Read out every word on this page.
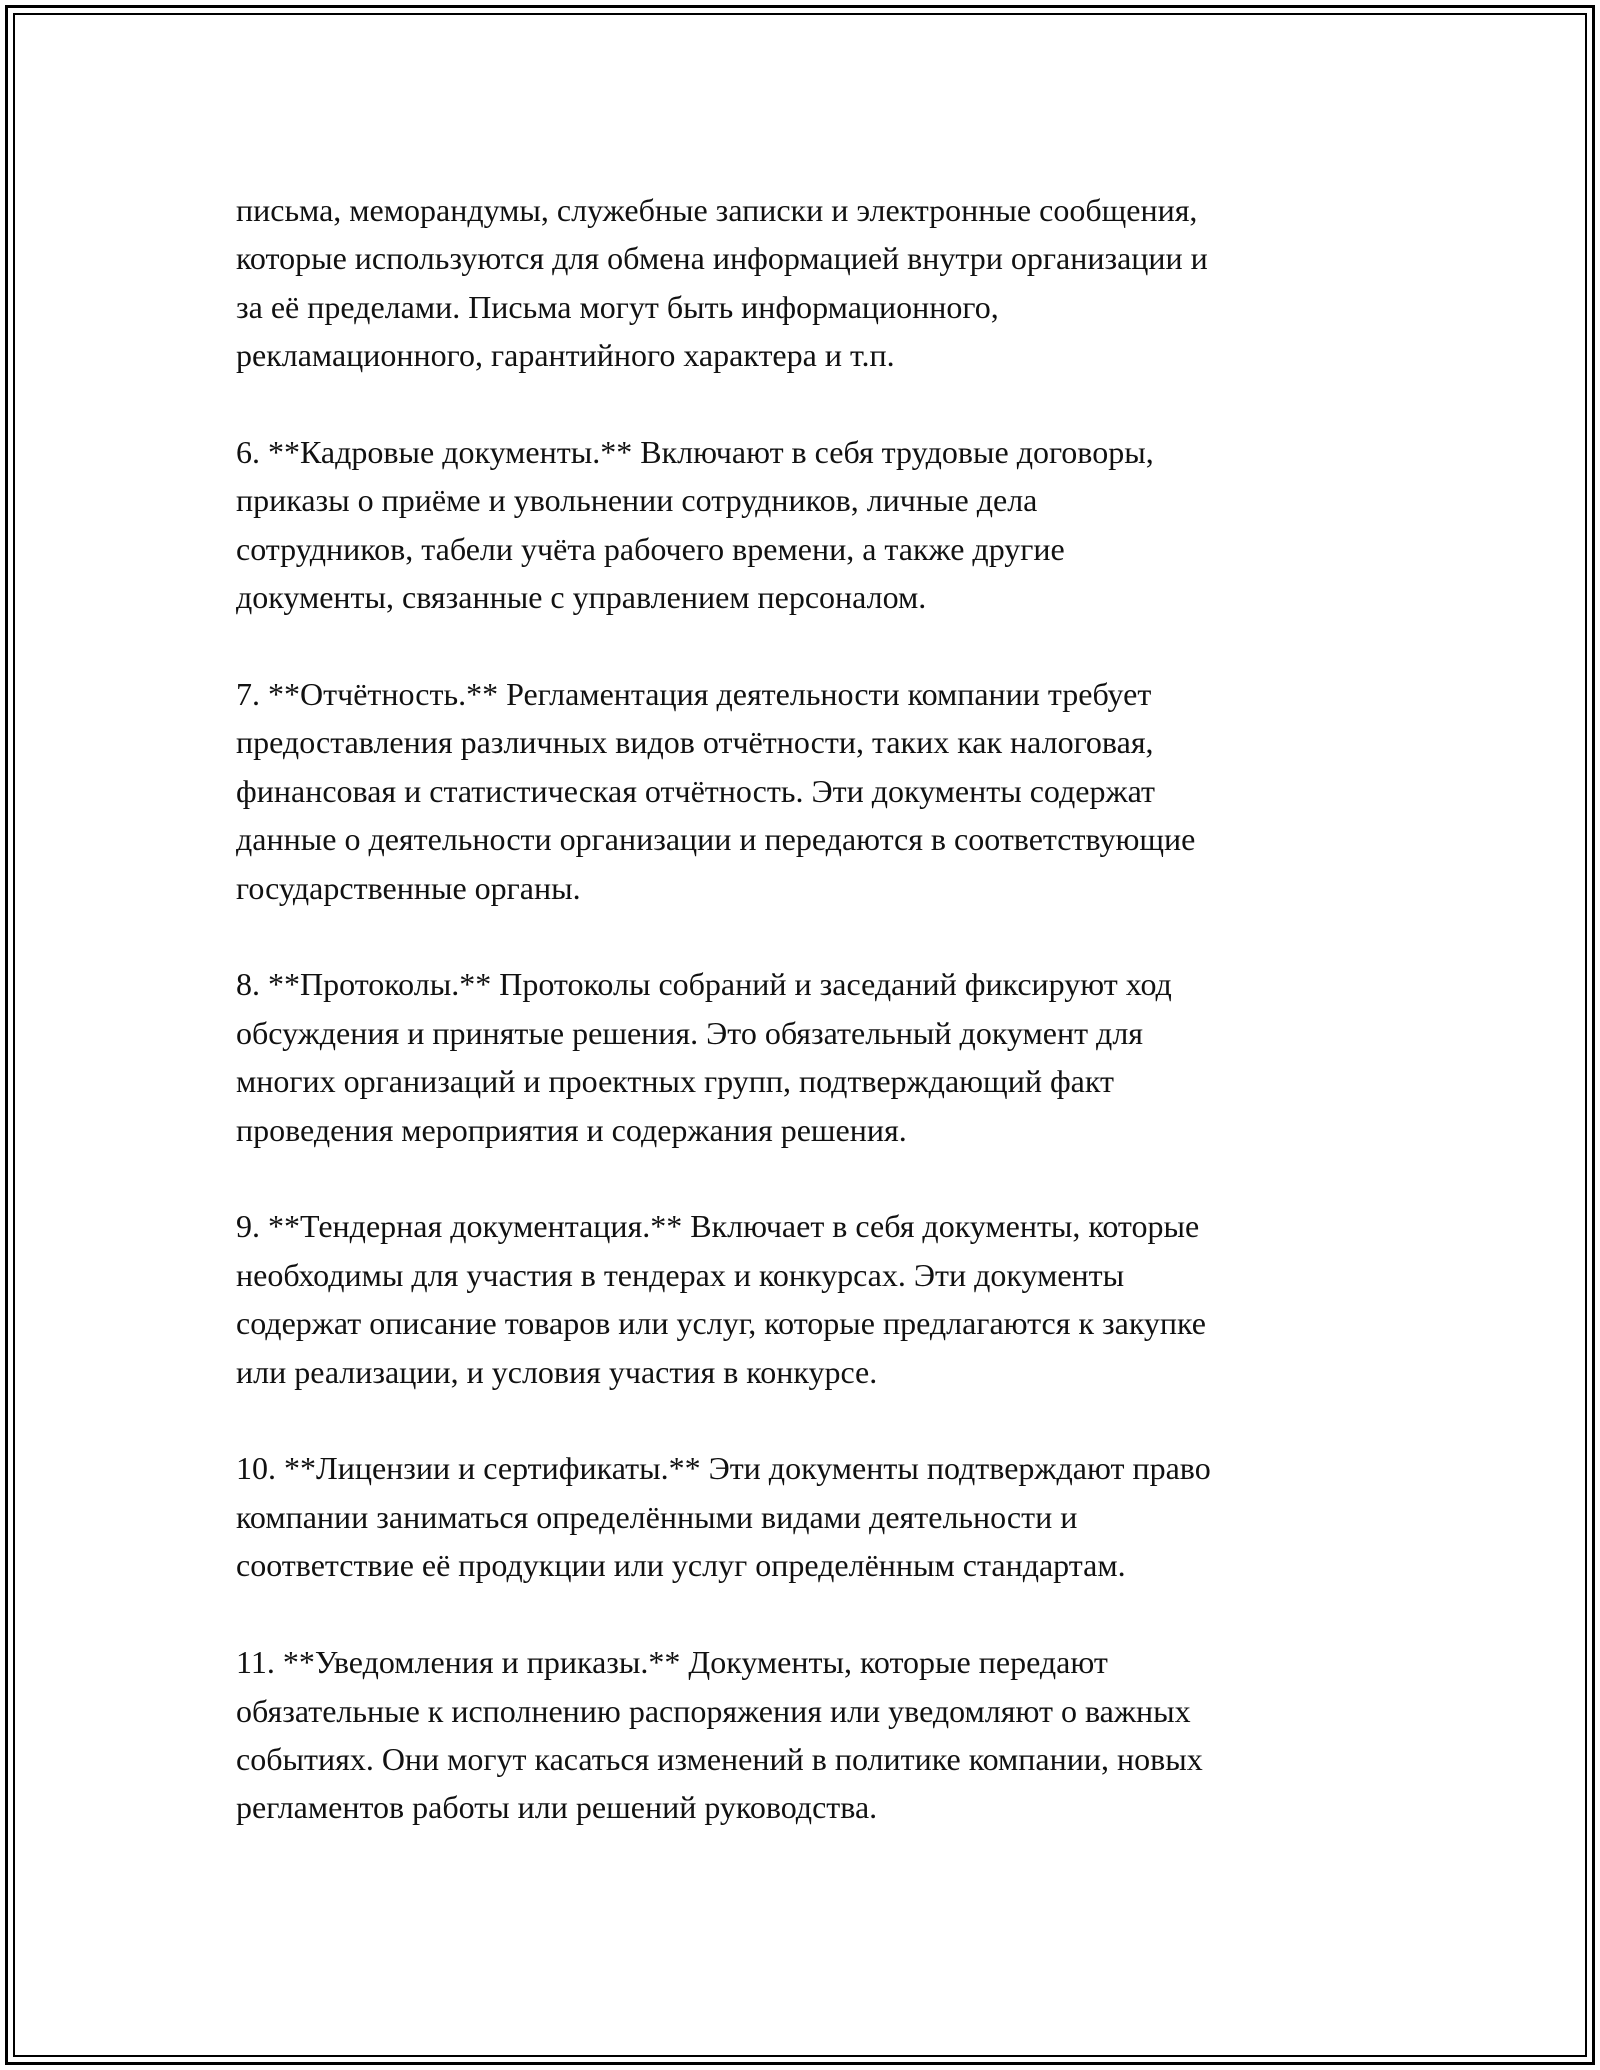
письма, меморандумы, служебные записки и электронные сообщения,
которые используются для обмена информацией внутри организации и
за её пределами. Письма могут быть информационного,
рекламационного, гарантийного характера и т.п.

6. **Кадровые документы.** Включают в себя трудовые договоры,
приказы о приёме и увольнении сотрудников, личные дела
сотрудников, табели учёта рабочего времени, а также другие
документы, связанные с управлением персоналом.

7. **Отчётность.** Регламентация деятельности компании требует
предоставления различных видов отчётности, таких как налоговая,
финансовая и статистическая отчётность. Эти документы содержат
данные о деятельности организации и передаются в соответствующие
государственные органы.

8. **Протоколы.** Протоколы собраний и заседаний фиксируют ход
обсуждения и принятые решения. Это обязательный документ для
многих организаций и проектных групп, подтверждающий факт
проведения мероприятия и содержания решения.

9. **Тендерная документация.** Включает в себя документы, которые
необходимы для участия в тендерах и конкурсах. Эти документы
содержат описание товаров или услуг, которые предлагаются к закупке
или реализации, и условия участия в конкурсе.

10. **Лицензии и сертификаты.** Эти документы подтверждают право
компании заниматься определёнными видами деятельности и
соответствие её продукции или услуг определённым стандартам.

11. **Уведомления и приказы.** Документы, которые передают
обязательные к исполнению распоряжения или уведомляют о важных
событиях. Они могут касаться изменений в политике компании, новых
регламентов работы или решений руководства.
